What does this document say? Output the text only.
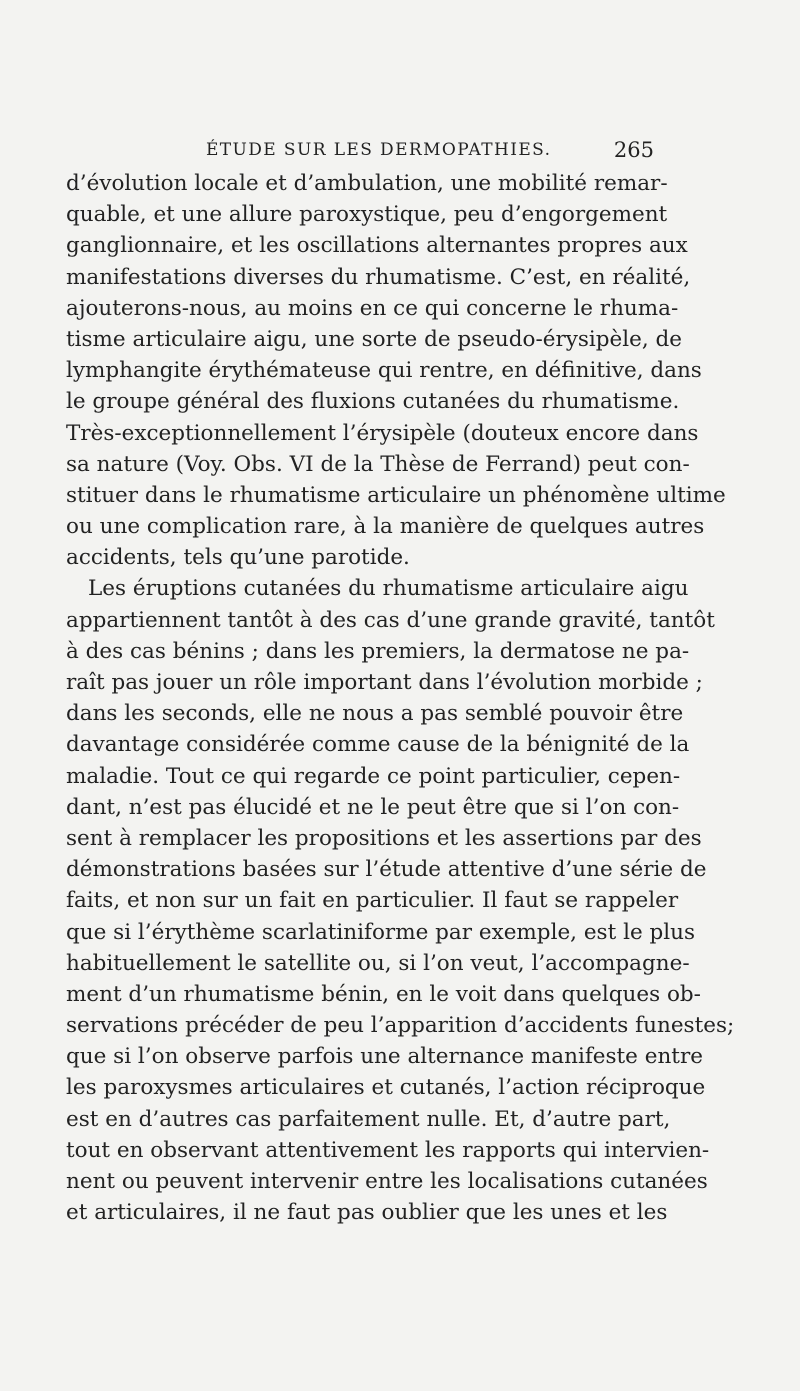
ÉTUDE SUR LES DERMOPATHIES.	265
d’évolution locale et d’ambulation, une mobilité remar-
quable, et une allure paroxystique, peu d’engorgement
ganglionnaire, et les oscillations alternantes propres aux
manifestations diverses du rhumatisme. C’est, en réalité,
ajouterons-nous, au moins en ce qui concerne le rhuma-
tisme articulaire aigu, une sorte de pseudo-érysipèle, de
lymphangite érythémateuse qui rentre, en définitive, dans
le groupe général des fluxions cutanées du rhumatisme.
Très-exceptionnellement l’érysipèle (douteux encore dans
sa nature (Voy. Obs. VI de la Thèse de Ferrand) peut con-
stituer dans le rhumatisme articulaire un phénomène ultime
ou une complication rare, à la manière de quelques autres
accidents, tels qu’une parotide.
Les éruptions cutanées du rhumatisme articulaire aigu
appartiennent tantôt à des cas d’une grande gravité, tantôt
à des cas bénins ; dans les premiers, la dermatose ne pa-
raît pas jouer un rôle important dans l’évolution morbide ;
dans les seconds, elle ne nous a pas semblé pouvoir être
davantage considérée comme cause de la bénignité de la
maladie. Tout ce qui regarde ce point particulier, cepen-
dant, n’est pas élucidé et ne le peut être que si l’on con-
sent à remplacer les propositions et les assertions par des
démonstrations basées sur l’étude attentive d’une série de
faits, et non sur un fait en particulier. Il faut se rappeler
que si l’érythème scarlatiniforme par exemple, est le plus
habituellement le satellite ou, si l’on veut, l’accompagne-
ment d’un rhumatisme bénin, en le voit dans quelques ob-
servations précéder de peu l’apparition d’accidents funestes;
que si l’on observe parfois une alternance manifeste entre
les paroxysmes articulaires et cutanés, l’action réciproque
est en d’autres cas parfaitement nulle. Et, d’autre part,
tout en observant attentivement les rapports qui intervien-
nent ou peuvent intervenir entre les localisations cutanées
et articulaires, il ne faut pas oublier que les unes et les
